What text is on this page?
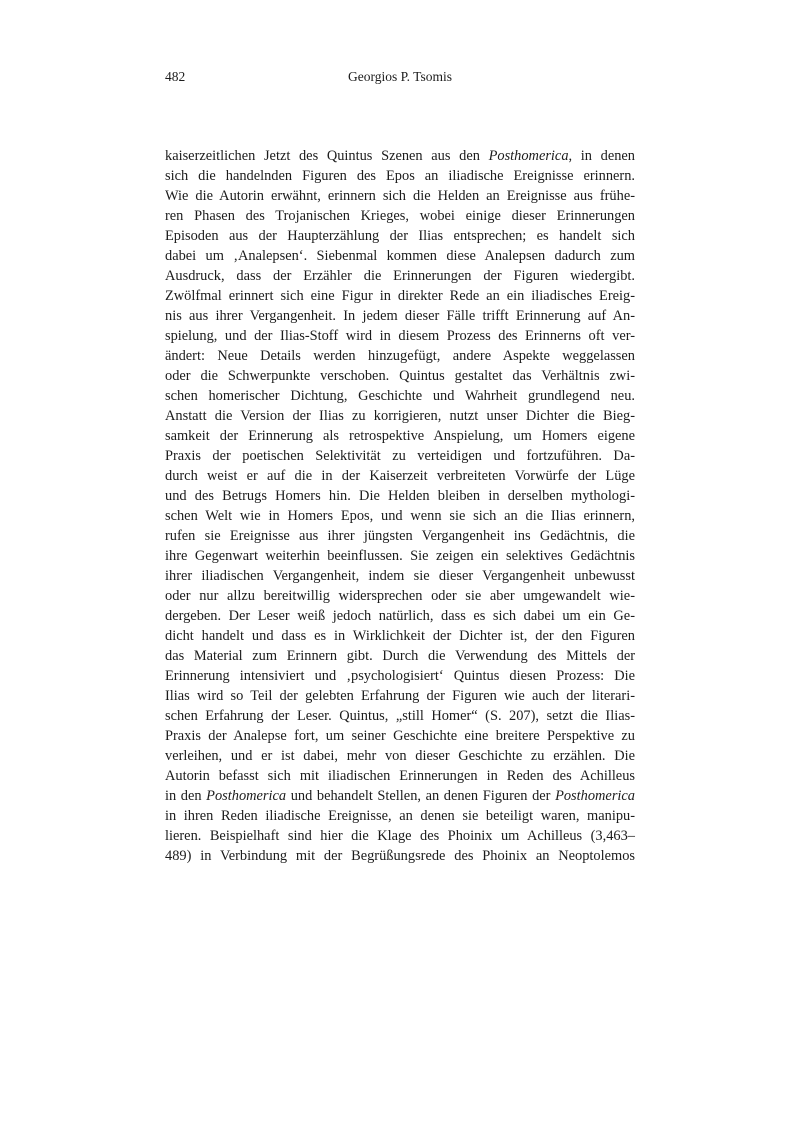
482	Georgios P. Tsomis
kaiserzeitlichen Jetzt des Quintus Szenen aus den Posthomerica, in denen
sich die handelnden Figuren des Epos an iliadische Ereignisse erinnern.
Wie die Autorin erwähnt, erinnern sich die Helden an Ereignisse aus frühe-
ren Phasen des Trojanischen Krieges, wobei einige dieser Erinnerungen
Episoden aus der Haupterzählung der Ilias entsprechen; es handelt sich
dabei um ‚Analepsen‘. Siebenmal kommen diese Analepsen dadurch zum
Ausdruck, dass der Erzähler die Erinnerungen der Figuren wiedergibt.
Zwölfmal erinnert sich eine Figur in direkter Rede an ein iliadisches Ereig-
nis aus ihrer Vergangenheit. In jedem dieser Fälle trifft Erinnerung auf An-
spielung, und der Ilias-Stoff wird in diesem Prozess des Erinnerns oft ver-
ändert: Neue Details werden hinzugefügt, andere Aspekte weggelassen
oder die Schwerpunkte verschoben. Quintus gestaltet das Verhältnis zwi-
schen homerischer Dichtung, Geschichte und Wahrheit grundlegend neu.
Anstatt die Version der Ilias zu korrigieren, nutzt unser Dichter die Bieg-
samkeit der Erinnerung als retrospektive Anspielung, um Homers eigene
Praxis der poetischen Selektivität zu verteidigen und fortzuführen. Da-
durch weist er auf die in der Kaiserzeit verbreiteten Vorwürfe der Lüge
und des Betrugs Homers hin. Die Helden bleiben in derselben mythologi-
schen Welt wie in Homers Epos, und wenn sie sich an die Ilias erinnern,
rufen sie Ereignisse aus ihrer jüngsten Vergangenheit ins Gedächtnis, die
ihre Gegenwart weiterhin beeinflussen. Sie zeigen ein selektives Gedächtnis
ihrer iliadischen Vergangenheit, indem sie dieser Vergangenheit unbewusst
oder nur allzu bereitwillig widersprechen oder sie aber umgewandelt wie-
dergeben. Der Leser weiß jedoch natürlich, dass es sich dabei um ein Ge-
dicht handelt und dass es in Wirklichkeit der Dichter ist, der den Figuren
das Material zum Erinnern gibt. Durch die Verwendung des Mittels der
Erinnerung intensiviert und ‚psychologisiert‘ Quintus diesen Prozess: Die
Ilias wird so Teil der gelebten Erfahrung der Figuren wie auch der literari-
schen Erfahrung der Leser. Quintus, „still Homer“ (S. 207), setzt die Ilias-
Praxis der Analepse fort, um seiner Geschichte eine breitere Perspektive zu
verleihen, und er ist dabei, mehr von dieser Geschichte zu erzählen. Die
Autorin befasst sich mit iliadischen Erinnerungen in Reden des Achilleus
in den Posthomerica und behandelt Stellen, an denen Figuren der Posthomerica
in ihren Reden iliadische Ereignisse, an denen sie beteiligt waren, manipu-
lieren. Beispielhaft sind hier die Klage des Phoinix um Achilleus (3,463–
489) in Verbindung mit der Begrüßungsrede des Phoinix an Neoptolemos
